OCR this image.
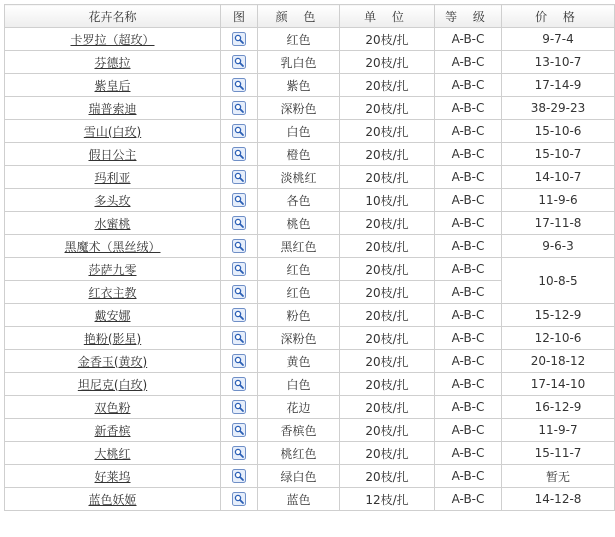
花卉名称	图	颜 色	单 位	等 级	价 格
卡罗拉（超玫）		红色	20枝/扎	A-B-C	9-7-4
芬德拉		乳白色	20枝/扎	A-B-C	13-10-7
紫皇后		紫色	20枝/扎	A-B-C	17-14-9
瑞普索迪		深粉色	20枝/扎	A-B-C	38-29-23
雪山(白玫)		白色	20枝/扎	A-B-C	15-10-6
假日公主		橙色	20枝/扎	A-B-C	15-10-7
玛利亚		淡桃红	20枝/扎	A-B-C	14-10-7
多头玫		各色	10枝/扎	A-B-C	11-9-6
水蜜桃		桃色	20枝/扎	A-B-C	17-11-8
黑魔术（黑丝绒）		黑红色	20枝/扎	A-B-C	9-6-3
莎萨九零		红色	20枝/扎	A-B-C	10-8-5
红衣主教		红色	20枝/扎	A-B-C	
戴安娜		粉色	20枝/扎	A-B-C	15-12-9
艳粉(影星)		深粉色	20枝/扎	A-B-C	12-10-6
金香玉(黄玫)		黄色	20枝/扎	A-B-C	20-18-12
坦尼克(白玫)		白色	20枝/扎	A-B-C	17-14-10
双色粉		花边	20枝/扎	A-B-C	16-12-9
新香槟		香槟色	20枝/扎	A-B-C	11-9-7
大桃红		桃红色	20枝/扎	A-B-C	15-11-7
好莱坞		绿白色	20枝/扎	A-B-C	暂无
蓝色妖姬		蓝色	12枝/扎	A-B-C	14-12-8
